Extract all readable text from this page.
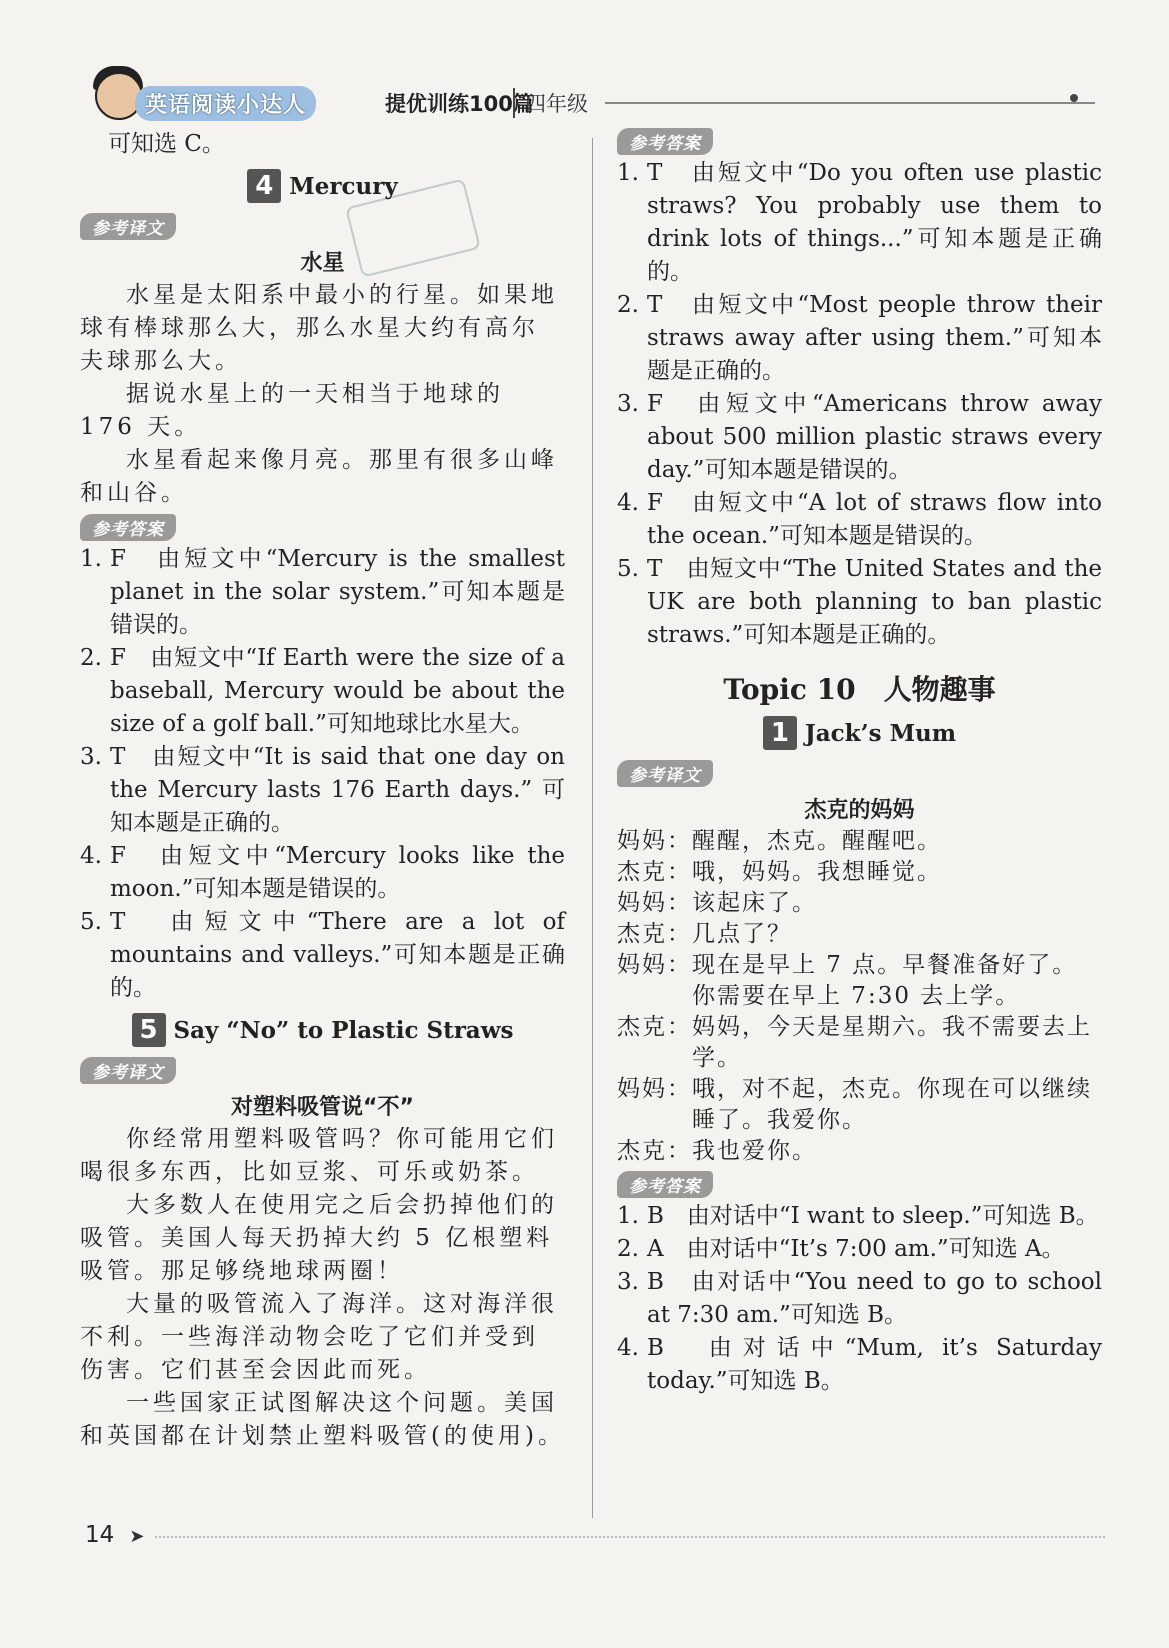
英语阅读小达人	提优训练100篇
四年级

可知选 C。

4 Mercury
参考译文
水星

水星是太阳系中最小的行星。如果地球有棒球那么大，那么水星大约有高尔夫球那么大。

据说水星上的一天相当于地球的 176 天。

水星看起来像月亮。那里有很多山峰和山谷。

参考答案
1. F　由短文中“Mercury is the smallest planet in the solar system.”可知本题是错误的。
2. F　由短文中“If Earth were the size of a baseball, Mercury would be about the size of a golf ball.”可知地球比水星大。
3. T　由短文中“It is said that one day on the Mercury lasts 176 Earth days.” 可知本题是正确的。
4. F　由短文中“Mercury looks like the moon.”可知本题是错误的。
5. T　由短文中“There are a lot of mountains and valleys.”可知本题是正确的。
5 Say “No” to Plastic Straws
参考译文
对塑料吸管说“不”

你经常用塑料吸管吗？你可能用它们喝很多东西，比如豆浆、可乐或奶茶。

大多数人在使用完之后会扔掉他们的吸管。美国人每天扔掉大约 5 亿根塑料吸管。那足够绕地球两圈！

大量的吸管流入了海洋。这对海洋很不利。一些海洋动物会吃了它们并受到伤害。它们甚至会因此而死。

一些国家正试图解决这个问题。美国和英国都在计划禁止塑料吸管(的使用)。

参考答案
1. T　由短文中“Do you often use plastic straws? You probably use them to drink lots of things...”可知本题是正确的。
2. T　由短文中“Most people throw their straws away after using them.”可知本题是正确的。
3. F　由短文中“Americans throw away about 500 million plastic straws every day.”可知本题是错误的。
4. F　由短文中“A lot of straws flow into the ocean.”可知本题是错误的。
5. T　由短文中“The United States and the UK are both planning to ban plastic straws.”可知本题是正确的。
Topic 10　人物趣事
1 Jack’s Mum
参考译文
杰克的妈妈
妈妈： 醒醒，杰克。醒醒吧。
杰克： 哦，妈妈。我想睡觉。
妈妈： 该起床了。
杰克： 几点了？
妈妈： 现在是早上 7 点。早餐准备好了。你需要在早上 7:30 去上学。
杰克： 妈妈，今天是星期六。我不需要去上学。
妈妈： 哦，对不起，杰克。你现在可以继续睡了。我爱你。
杰克： 我也爱你。
参考答案
1. B　由对话中“I want to sleep.”可知选 B。
2. A　由对话中“It’s 7:00 am.”可知选 A。
3. B　由对话中“You need to go to school at 7:30 am.”可知选 B。
4. B　由对话中“Mum, it’s Saturday today.”可知选 B。
14 ➤
